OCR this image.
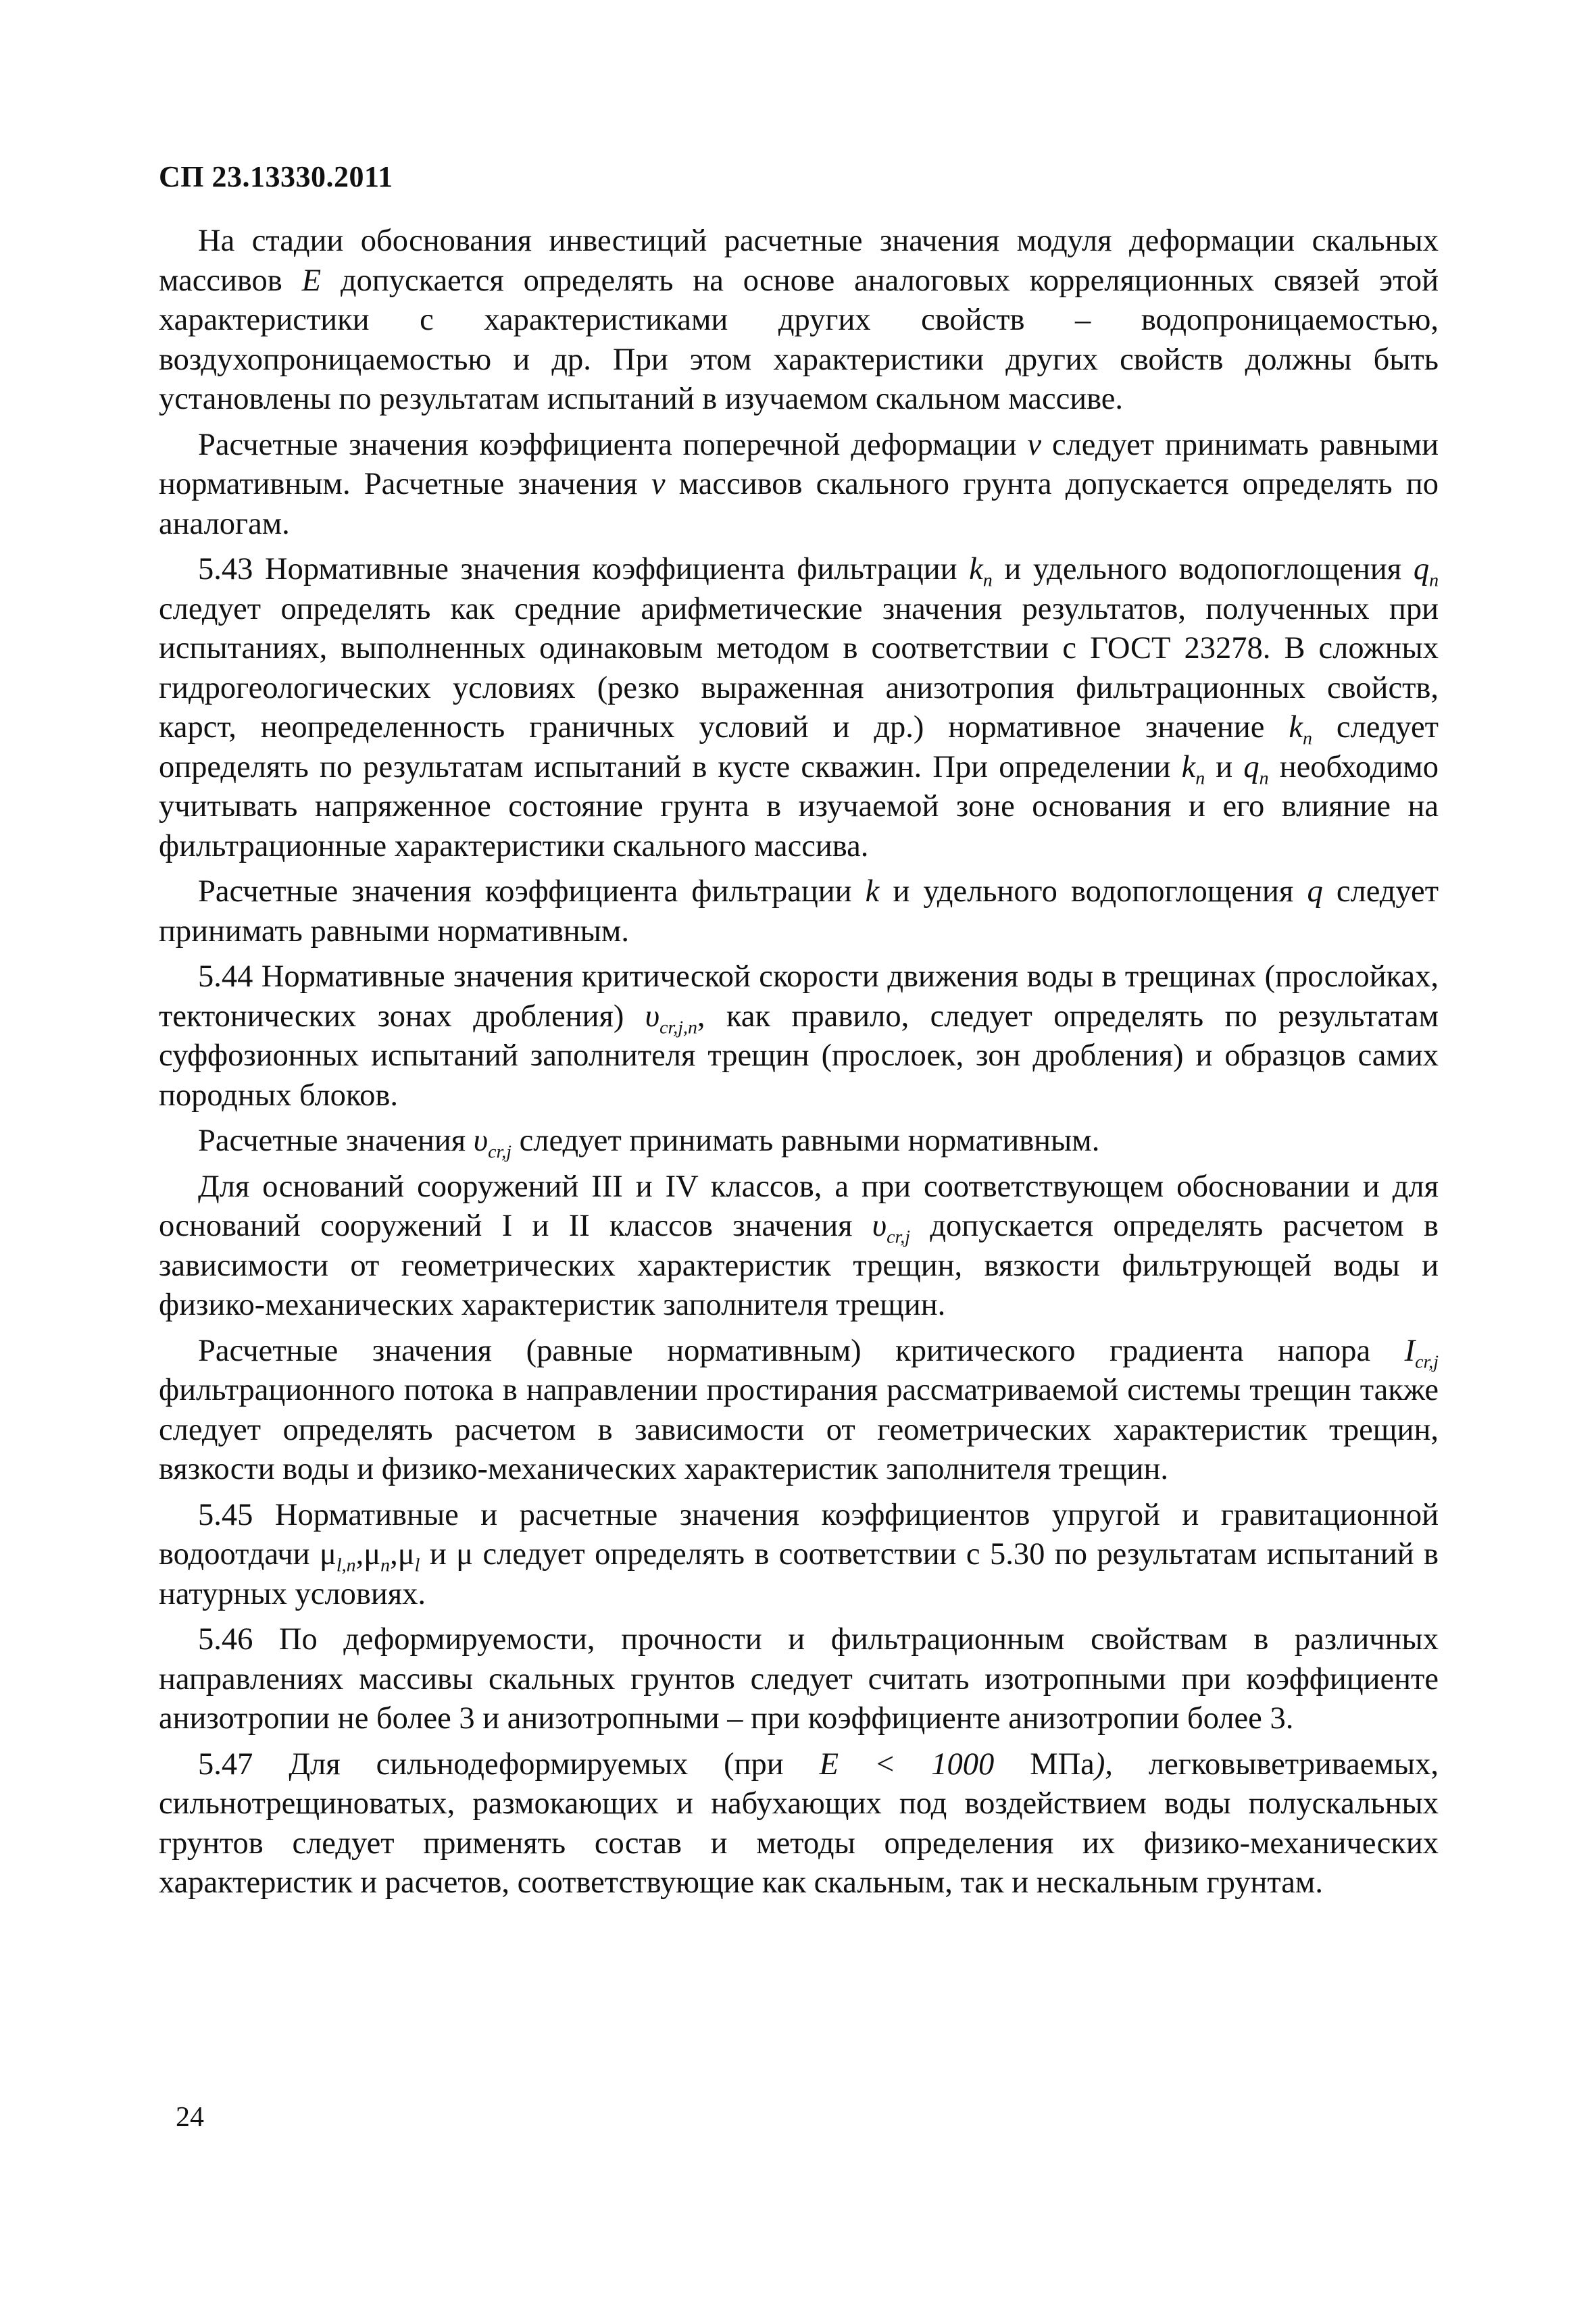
СП 23.13330.2011

На стадии обоснования инвестиций расчетные значения модуля деформации скальных массивов E допускается определять на основе аналоговых корреляционных связей этой характеристики с характеристиками других свойств – водопроницаемостью, воздухопроницаемостью и др. При этом характеристики других свойств должны быть установлены по результатам испытаний в изучаемом скальном массиве.

Расчетные значения коэффициента поперечной деформации ν следует принимать равными нормативным. Расчетные значения ν массивов скального грунта допускается определять по аналогам.

5.43 Нормативные значения коэффициента фильтрации $k_n$ и удельного водопоглощения $q_n$ следует определять как средние арифметические значения результатов, полученных при испытаниях, выполненных одинаковым методом в соответствии с ГОСТ 23278. В сложных гидрогеологических условиях (резко выраженная анизотропия фильтрационных свойств, карст, неопределенность граничных условий и др.) нормативное значение $k_n$ следует определять по результатам испытаний в кусте скважин. При определении $k_n$ и $q_n$ необходимо учитывать напряженное состояние грунта в изучаемой зоне основания и его влияние на фильтрационные характеристики скального массива.

Расчетные значения коэффициента фильтрации k и удельного водопоглощения q следует принимать равными нормативным.

5.44 Нормативные значения критической скорости движения воды в трещинах (прослойках, тектонических зонах дробления) $\upsilon_{cr,j,n}$, как правило, следует определять по результатам суффозионных испытаний заполнителя трещин (прослоек, зон дробления) и образцов самих породных блоков.

Расчетные значения $\upsilon_{cr,j}$ следует принимать равными нормативным.

Для оснований сооружений III и IV классов, а при соответствующем обосновании и для оснований сооружений I и II классов значения $\upsilon_{cr,j}$ допускается определять расчетом в зависимости от геометрических характеристик трещин, вязкости фильтрующей воды и физико-механических характеристик заполнителя трещин.

Расчетные значения (равные нормативным) критического градиента напора $I_{cr,j}$ фильтрационного потока в направлении простирания рассматриваемой системы трещин также следует определять расчетом в зависимости от геометрических характеристик трещин, вязкости воды и физико-механических характеристик заполнителя трещин.

5.45 Нормативные и расчетные значения коэффициентов упругой и гравитационной водоотдачи $\mu_{l,n},\mu_n,\mu_l$ и μ следует определять в соответствии с 5.30 по результатам испытаний в натурных условиях.

5.46 По деформируемости, прочности и фильтрационным свойствам в различных направлениях массивы скальных грунтов следует считать изотропными при коэффициенте анизотропии не более 3 и анизотропными – при коэффициенте анизотропии более 3.

5.47 Для сильнодеформируемых (при E < 1000 МПа), легковыветриваемых, сильнотрещиноватых, размокающих и набухающих под воздействием воды полускальных грунтов следует применять состав и методы определения их физико-механических характеристик и расчетов, соответствующие как скальным, так и нескальным грунтам.

24
